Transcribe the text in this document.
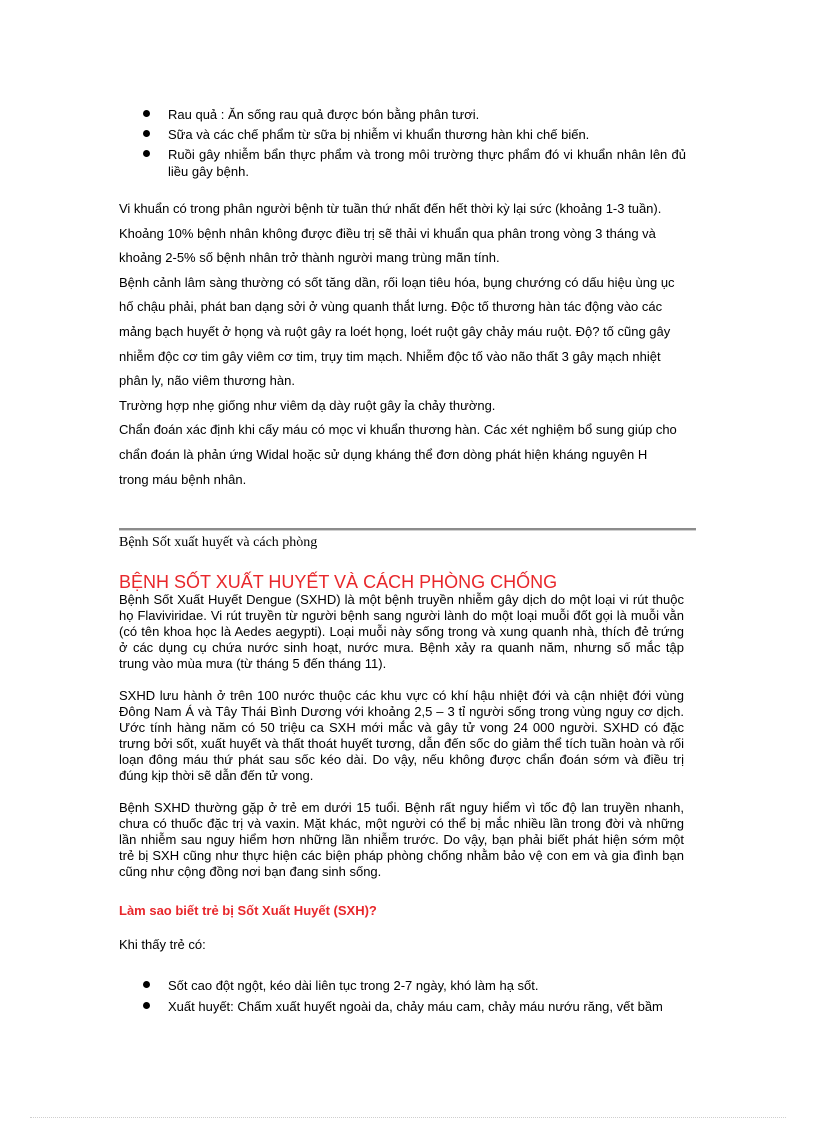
Rau quả : Ăn sống rau quả được bón bằng phân tươi.
Sữa và các chế phẩm từ sữa bị nhiễm vi khuẩn thương hàn khi chế biến.
Ruồi gây nhiễm bẩn thực phẩm và trong môi trường thực phẩm đó vi khuẩn nhân lên đủ liều gây bệnh.

Vi khuẩn có trong phân người bệnh từ tuần thứ nhất đến hết thời kỳ lại sức (khoảng 1-3 tuần). Khoảng 10% bệnh nhân không được điều trị sẽ thải vi khuẩn qua phân trong vòng 3 tháng và khoảng 2-5% số bệnh nhân trở thành người mang trùng mãn tính.

Bệnh cảnh lâm sàng thường có sốt tăng dần, rối loạn tiêu hóa, bụng chướng có dấu hiệu ùng ục hố chậu phải, phát ban dạng sởi ở vùng quanh thắt lưng. Độc tố thương hàn tác động vào các mảng bạch huyết ở họng và ruột gây ra loét họng, loét ruột gây chảy máu ruột. Độ? tố cũng gây nhiễm độc cơ tim gây viêm cơ tim, trụy tim mạch. Nhiễm độc tố vào não thất 3 gây mạch nhiệt phân ly, não viêm thương hàn.

Trường hợp nhẹ giống như viêm dạ dày ruột gây ỉa chảy thường.

Chẩn đoán xác định khi cấy máu có mọc vi khuẩn thương hàn. Các xét nghiệm bổ sung giúp cho chẩn đoán là phản ứng Widal hoặc sử dụng kháng thể đơn dòng phát hiện kháng nguyên H trong máu bệnh nhân.

Bệnh Sốt xuất huyết và cách phòng
BỆNH SỐT XUẤT HUYẾT VÀ CÁCH PHÒNG CHỐNG

Bệnh Sốt Xuất Huyết Dengue (SXHD) là một bệnh truyền nhiễm gây dịch do một loại vi rút thuộc họ Flaviviridae. Vi rút truyền từ người bệnh sang người lành do một loại muỗi đốt gọi là muỗi vằn (có tên khoa học là Aedes aegypti). Loại muỗi này sống trong và xung quanh nhà, thích đẻ trứng ở các dụng cụ chứa nước sinh hoạt, nước mưa. Bệnh xảy ra quanh năm, nhưng số mắc tập trung vào mùa mưa (từ tháng 5 đến tháng 11).

SXHD lưu hành ở trên 100 nước thuộc các khu vực có khí hậu nhiệt đới và cận nhiệt đới vùng Đông Nam Á và Tây Thái Bình Dương với khoảng 2,5 – 3 tỉ người sống trong vùng nguy cơ dịch. Ước tính hàng năm có 50 triệu ca SXH mới mắc và gây tử vong 24 000 người. SXHD có đặc trưng bởi sốt, xuất huyết và thất thoát huyết tương, dẫn đến sốc do giảm thể tích tuần hoàn và rối loạn đông máu thứ phát sau sốc kéo dài. Do vậy, nếu không được chẩn đoán sớm và điều trị đúng kịp thời sẽ dẫn đến tử vong.

Bệnh SXHD thường gặp ở trẻ em dưới 15 tuổi. Bệnh rất nguy hiểm vì tốc độ lan truyền nhanh, chưa có thuốc đặc trị và vaxin. Mặt khác, một người có thể bị mắc nhiều lần trong đời và những lần nhiễm sau nguy hiểm hơn những lần nhiễm trước. Do vậy, bạn phải biết phát hiện sớm một trẻ bị SXH cũng như thực hiện các biện pháp phòng chống nhằm bảo vệ con em và gia đình bạn cũng như cộng đồng nơi bạn đang sinh sống.

Làm sao biết trẻ bị Sốt Xuất Huyết (SXH)?
Khi thấy trẻ có:
Sốt cao đột ngột, kéo dài liên tục trong 2-7 ngày, khó làm hạ sốt.
Xuất huyết: Chấm xuất huyết ngoài da, chảy máu cam, chảy máu nướu răng, vết bầm
